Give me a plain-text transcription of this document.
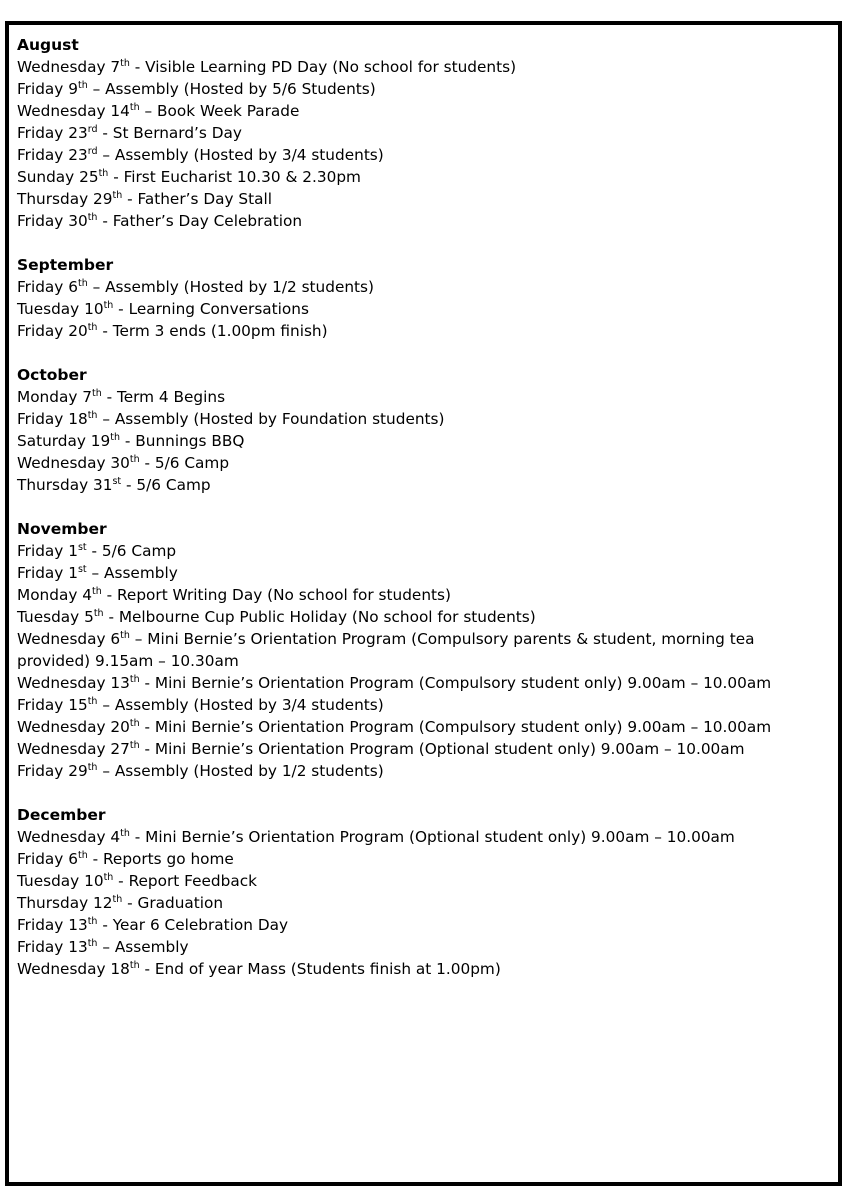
August
Wednesday 7th - Visible Learning PD Day (No school for students)
Friday 9th – Assembly (Hosted by 5/6 Students)
Wednesday 14th – Book Week Parade
Friday 23rd - St Bernard’s Day
Friday 23rd – Assembly (Hosted by 3/4 students)
Sunday 25th - First Eucharist 10.30 & 2.30pm
Thursday 29th - Father’s Day Stall
Friday 30th - Father’s Day Celebration
September
Friday 6th – Assembly (Hosted by 1/2 students)
Tuesday 10th - Learning Conversations
Friday 20th - Term 3 ends (1.00pm finish)
October
Monday 7th - Term 4 Begins
Friday 18th – Assembly (Hosted by Foundation students)
Saturday 19th - Bunnings BBQ
Wednesday 30th - 5/6 Camp
Thursday 31st - 5/6 Camp
November
Friday 1st - 5/6 Camp
Friday 1st – Assembly
Monday 4th - Report Writing Day (No school for students)
Tuesday 5th - Melbourne Cup Public Holiday (No school for students)
Wednesday 6th – Mini Bernie’s Orientation Program (Compulsory parents & student, morning tea provided) 9.15am – 10.30am
Wednesday 13th - Mini Bernie’s Orientation Program (Compulsory student only) 9.00am – 10.00am
Friday 15th – Assembly (Hosted by 3/4 students)
Wednesday 20th - Mini Bernie’s Orientation Program (Compulsory student only) 9.00am – 10.00am
Wednesday 27th - Mini Bernie’s Orientation Program (Optional student only) 9.00am – 10.00am
Friday 29th – Assembly (Hosted by 1/2 students)
December
Wednesday 4th - Mini Bernie’s Orientation Program (Optional student only) 9.00am – 10.00am
Friday 6th - Reports go home
Tuesday 10th - Report Feedback
Thursday 12th - Graduation
Friday 13th - Year 6 Celebration Day
Friday 13th – Assembly
Wednesday 18th - End of year Mass (Students finish at 1.00pm)
